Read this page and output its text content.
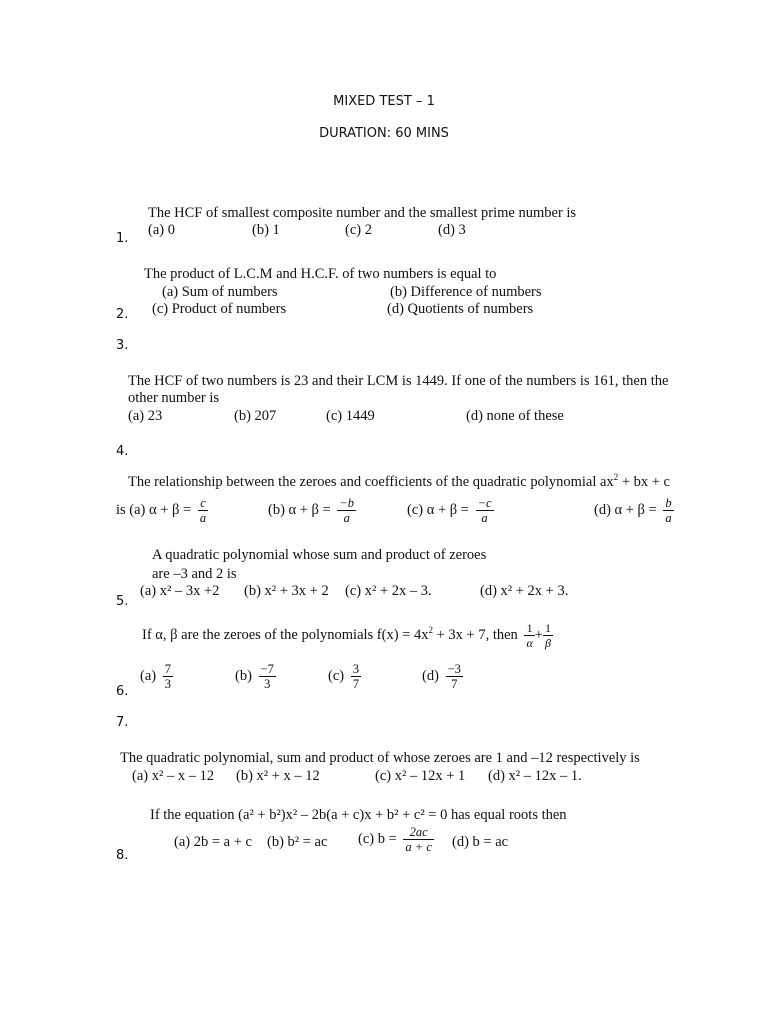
MIXED TEST – 1
DURATION: 60 MINS
The HCF of smallest composite number and the smallest prime number is
(a) 0	(b) 1	(c) 2	(d) 3
1.
The product of L.C.M and H.C.F. of two numbers is equal to
(a) Sum of numbers	(b) Difference of numbers
(c) Product of numbers	(d) Quotients of numbers
2.
3.
The HCF of two numbers is 23 and their LCM is 1449. If one of the numbers is 161, then the
other number is
(a) 23	(b) 207	(c) 1449	(d) none of these
4.
The relationship between the zeroes and coefficients of the quadratic polynomial $ax^2$ + bx + c
is (a) $\alpha + \beta = \frac{c}{a}$	(b) $\alpha + \beta = \frac{-b}{a}$	(c) $\alpha + \beta = \frac{-c}{a}$	(d) $\alpha + \beta = \frac{b}{a}$
A quadratic polynomial whose sum and product of zeroes
are –3 and 2 is
(a) x² – 3x +2 (b) x² + 3x + 2 (c) x² + 2x – 3.	(d) x² + 2x + 3.
5.
If α, β are the zeroes of the polynomials $f(x) = 4x^2 + 3x + 7$, then $\frac{1}{\alpha} + \frac{1}{\beta}$
$(a) \frac{7}{3}$	$(b) \frac{-7}{3}$	$(c) \frac{3}{7}$	$(d) \frac{-3}{7}$
6.
7.
The quadratic polynomial, sum and product of whose zeroes are 1 and –12 respectively is
(a) x² – x – 12 (b) x² + x – 12	(c) x² – 12x + 1 (d) x² – 12x – 1.
If the equation (a² + b²)x² – 2b(a + c)x + b² + c² = 0 has equal roots then
(a) 2b = a + c (b) b² = ac (c) $b = \frac{2ac}{a + c} (d) b$ = ac
8.
